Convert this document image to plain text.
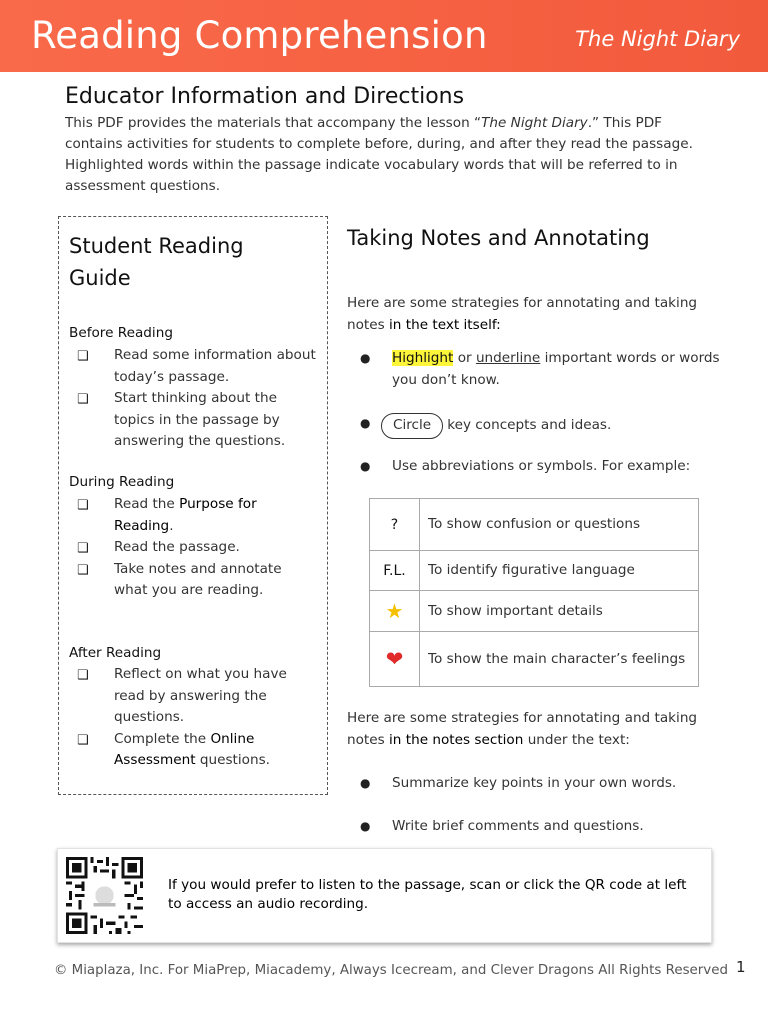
Reading Comprehension	The Night Diary
Educator Information and Directions
This PDF provides the materials that accompany the lesson “The Night Diary.” This PDF contains activities for students to complete before, during, and after they read the passage. Highlighted words within the passage indicate vocabulary words that will be referred to in assessment questions.
Student Reading Guide
Before Reading
❑ Read some information about today’s passage.
❑ Start thinking about the topics in the passage by answering the questions.
During Reading
❑ Read the Purpose for Reading.
❑ Read the passage.
❑ Take notes and annotate what you are reading.
After Reading
❑ Reflect on what you have read by answering the questions.
❑ Complete the Online Assessment questions.
Taking Notes and Annotating
Here are some strategies for annotating and taking notes in the text itself:
● Highlight or underline important words or words you don’t know.
● Circle key concepts and ideas.
● Use abbreviations or symbols. For example:
?	To show confusion or questions
F.L.	To identify figurative language
★	To show important details
❤	To show the main character’s feelings
Here are some strategies for annotating and taking notes in the notes section under the text:
● Summarize key points in your own words.
● Write brief comments and questions.
If you would prefer to listen to the passage, scan or click the QR code at left to access an audio recording.
© Miaplaza, Inc. For MiaPrep, Miacademy, Always Icecream, and Clever Dragons All Rights Reserved 1
